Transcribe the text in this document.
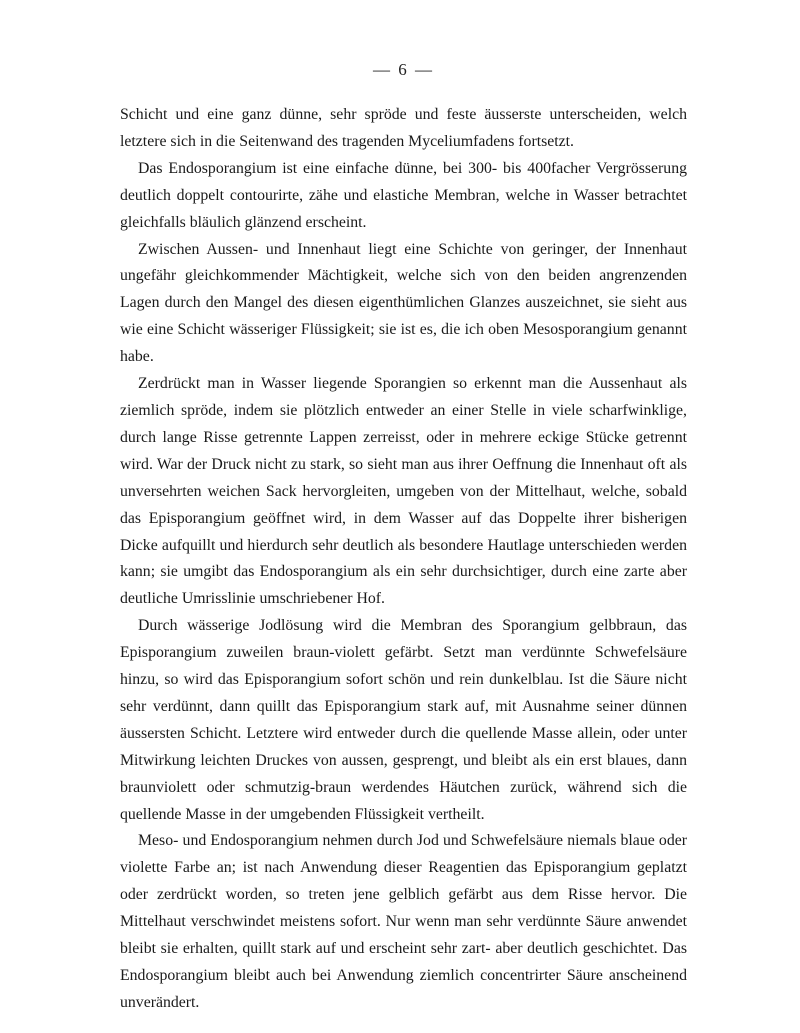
— 6 —

Schicht und eine ganz dünne, sehr spröde und feste äusserste unterscheiden, welch letztere sich in die Seitenwand des tragenden Myceliumfadens fortsetzt.

Das Endosporangium ist eine einfache dünne, bei 300- bis 400facher Vergrösserung deutlich doppelt contourirte, zähe und elastiche Membran, welche in Wasser betrachtet gleichfalls bläulich glänzend erscheint.

Zwischen Aussen- und Innenhaut liegt eine Schichte von geringer, der Innenhaut ungefähr gleichkommender Mächtigkeit, welche sich von den beiden angrenzenden Lagen durch den Mangel des diesen eigenthümlichen Glanzes auszeichnet, sie sieht aus wie eine Schicht wässeriger Flüssigkeit; sie ist es, die ich oben Mesosporangium genannt habe.

Zerdrückt man in Wasser liegende Sporangien so erkennt man die Aussenhaut als ziemlich spröde, indem sie plötzlich entweder an einer Stelle in viele scharfwinklige, durch lange Risse getrennte Lappen zerreisst, oder in mehrere eckige Stücke getrennt wird. War der Druck nicht zu stark, so sieht man aus ihrer Oeffnung die Innenhaut oft als unversehrten weichen Sack hervorgleiten, umgeben von der Mittelhaut, welche, sobald das Episporangium geöffnet wird, in dem Wasser auf das Doppelte ihrer bisherigen Dicke aufquillt und hierdurch sehr deutlich als besondere Hautlage unterschieden werden kann; sie umgibt das Endosporangium als ein sehr durchsichtiger, durch eine zarte aber deutliche Umrisslinie umschriebener Hof.

Durch wässerige Jodlösung wird die Membran des Sporangium gelbbraun, das Episporangium zuweilen braun-violett gefärbt. Setzt man verdünnte Schwefelsäure hinzu, so wird das Episporangium sofort schön und rein dunkelblau. Ist die Säure nicht sehr verdünnt, dann quillt das Episporangium stark auf, mit Ausnahme seiner dünnen äussersten Schicht. Letztere wird entweder durch die quellende Masse allein, oder unter Mitwirkung leichten Druckes von aussen, gesprengt, und bleibt als ein erst blaues, dann braunviolett oder schmutzig-braun werdendes Häutchen zurück, während sich die quellende Masse in der umgebenden Flüssigkeit vertheilt.

Meso- und Endosporangium nehmen durch Jod und Schwefelsäure niemals blaue oder violette Farbe an; ist nach Anwendung dieser Reagentien das Episporangium geplatzt oder zerdrückt worden, so treten jene gelblich gefärbt aus dem Risse hervor. Die Mittelhaut verschwindet meistens sofort. Nur wenn man sehr verdünnte Säure anwendet bleibt sie erhalten, quillt stark auf und erscheint sehr zart- aber deutlich geschichtet. Das Endosporangium bleibt auch bei Anwendung ziemlich concentrirter Säure anscheinend unverändert.
